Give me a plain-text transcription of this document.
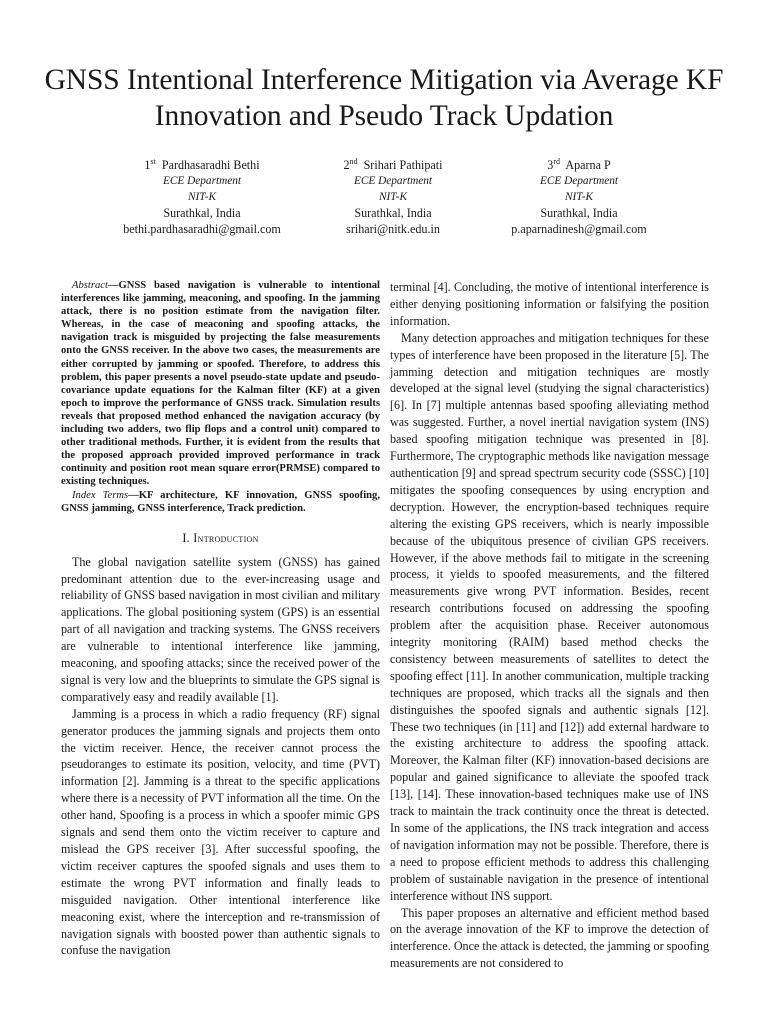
GNSS Intentional Interference Mitigation via Average KF Innovation and Pseudo Track Updation
1st Pardhasaradhi Bethi
ECE Department
NIT-K
Surathkal, India
bethi.pardhasaradhi@gmail.com
2nd Srihari Pathipati
ECE Department
NIT-K
Surathkal, India
srihari@nitk.edu.in
3rd Aparna P
ECE Department
NIT-K
Surathkal, India
p.aparnadinesh@gmail.com

Abstract—GNSS based navigation is vulnerable to intentional interferences like jamming, meaconing, and spoofing. In the jamming attack, there is no position estimate from the navigation filter. Whereas, in the case of meaconing and spoofing attacks, the navigation track is misguided by projecting the false measurements onto the GNSS receiver. In the above two cases, the measurements are either corrupted by jamming or spoofed. Therefore, to address this problem, this paper presents a novel pseudo-state update and pseudo-covariance update equations for the Kalman filter (KF) at a given epoch to improve the performance of GNSS track. Simulation results reveals that proposed method enhanced the navigation accuracy (by including two adders, two flip flops and a control unit) compared to other traditional methods. Further, it is evident from the results that the proposed approach provided improved performance in track continuity and position root mean square error(PRMSE) compared to existing techniques.

Index Terms—KF architecture, KF innovation, GNSS spoofing, GNSS jamming, GNSS interference, Track prediction.

I. Introduction

The global navigation satellite system (GNSS) has gained predominant attention due to the ever-increasing usage and reliability of GNSS based navigation in most civilian and military applications. The global positioning system (GPS) is an essential part of all navigation and tracking systems. The GNSS receivers are vulnerable to intentional interference like jamming, meaconing, and spoofing attacks; since the received power of the signal is very low and the blueprints to simulate the GPS signal is comparatively easy and readily available [1].

Jamming is a process in which a radio frequency (RF) signal generator produces the jamming signals and projects them onto the victim receiver. Hence, the receiver cannot process the pseudoranges to estimate its position, velocity, and time (PVT) information [2]. Jamming is a threat to the specific applications where there is a necessity of PVT information all the time. On the other hand, Spoofing is a process in which a spoofer mimic GPS signals and send them onto the victim receiver to capture and mislead the GPS receiver [3]. After successful spoofing, the victim receiver captures the spoofed signals and uses them to estimate the wrong PVT information and finally leads to misguided navigation. Other intentional interference like meaconing exist, where the interception and re-transmission of navigation signals with boosted power than authentic signals to confuse the navigation

terminal [4]. Concluding, the motive of intentional interference is either denying positioning information or falsifying the position information.

Many detection approaches and mitigation techniques for these types of interference have been proposed in the literature [5]. The jamming detection and mitigation techniques are mostly developed at the signal level (studying the signal characteristics) [6]. In [7] multiple antennas based spoofing alleviating method was suggested. Further, a novel inertial navigation system (INS) based spoofing mitigation technique was presented in [8]. Furthermore, The cryptographic methods like navigation message authentication [9] and spread spectrum security code (SSSC) [10] mitigates the spoofing consequences by using encryption and decryption. However, the encryption-based techniques require altering the existing GPS receivers, which is nearly impossible because of the ubiquitous presence of civilian GPS receivers. However, if the above methods fail to mitigate in the screening process, it yields to spoofed measurements, and the filtered measurements give wrong PVT information. Besides, recent research contributions focused on addressing the spoofing problem after the acquisition phase. Receiver autonomous integrity monitoring (RAIM) based method checks the consistency between measurements of satellites to detect the spoofing effect [11]. In another communication, multiple tracking techniques are proposed, which tracks all the signals and then distinguishes the spoofed signals and authentic signals [12]. These two techniques (in [11] and [12]) add external hardware to the existing architecture to address the spoofing attack. Moreover, the Kalman filter (KF) innovation-based decisions are popular and gained significance to alleviate the spoofed track [13], [14]. These innovation-based techniques make use of INS track to maintain the track continuity once the threat is detected. In some of the applications, the INS track integration and access of navigation information may not be possible. Therefore, there is a need to propose efficient methods to address this challenging problem of sustainable navigation in the presence of intentional interference without INS support.

This paper proposes an alternative and efficient method based on the average innovation of the KF to improve the detection of interference. Once the attack is detected, the jamming or spoofing measurements are not considered to
